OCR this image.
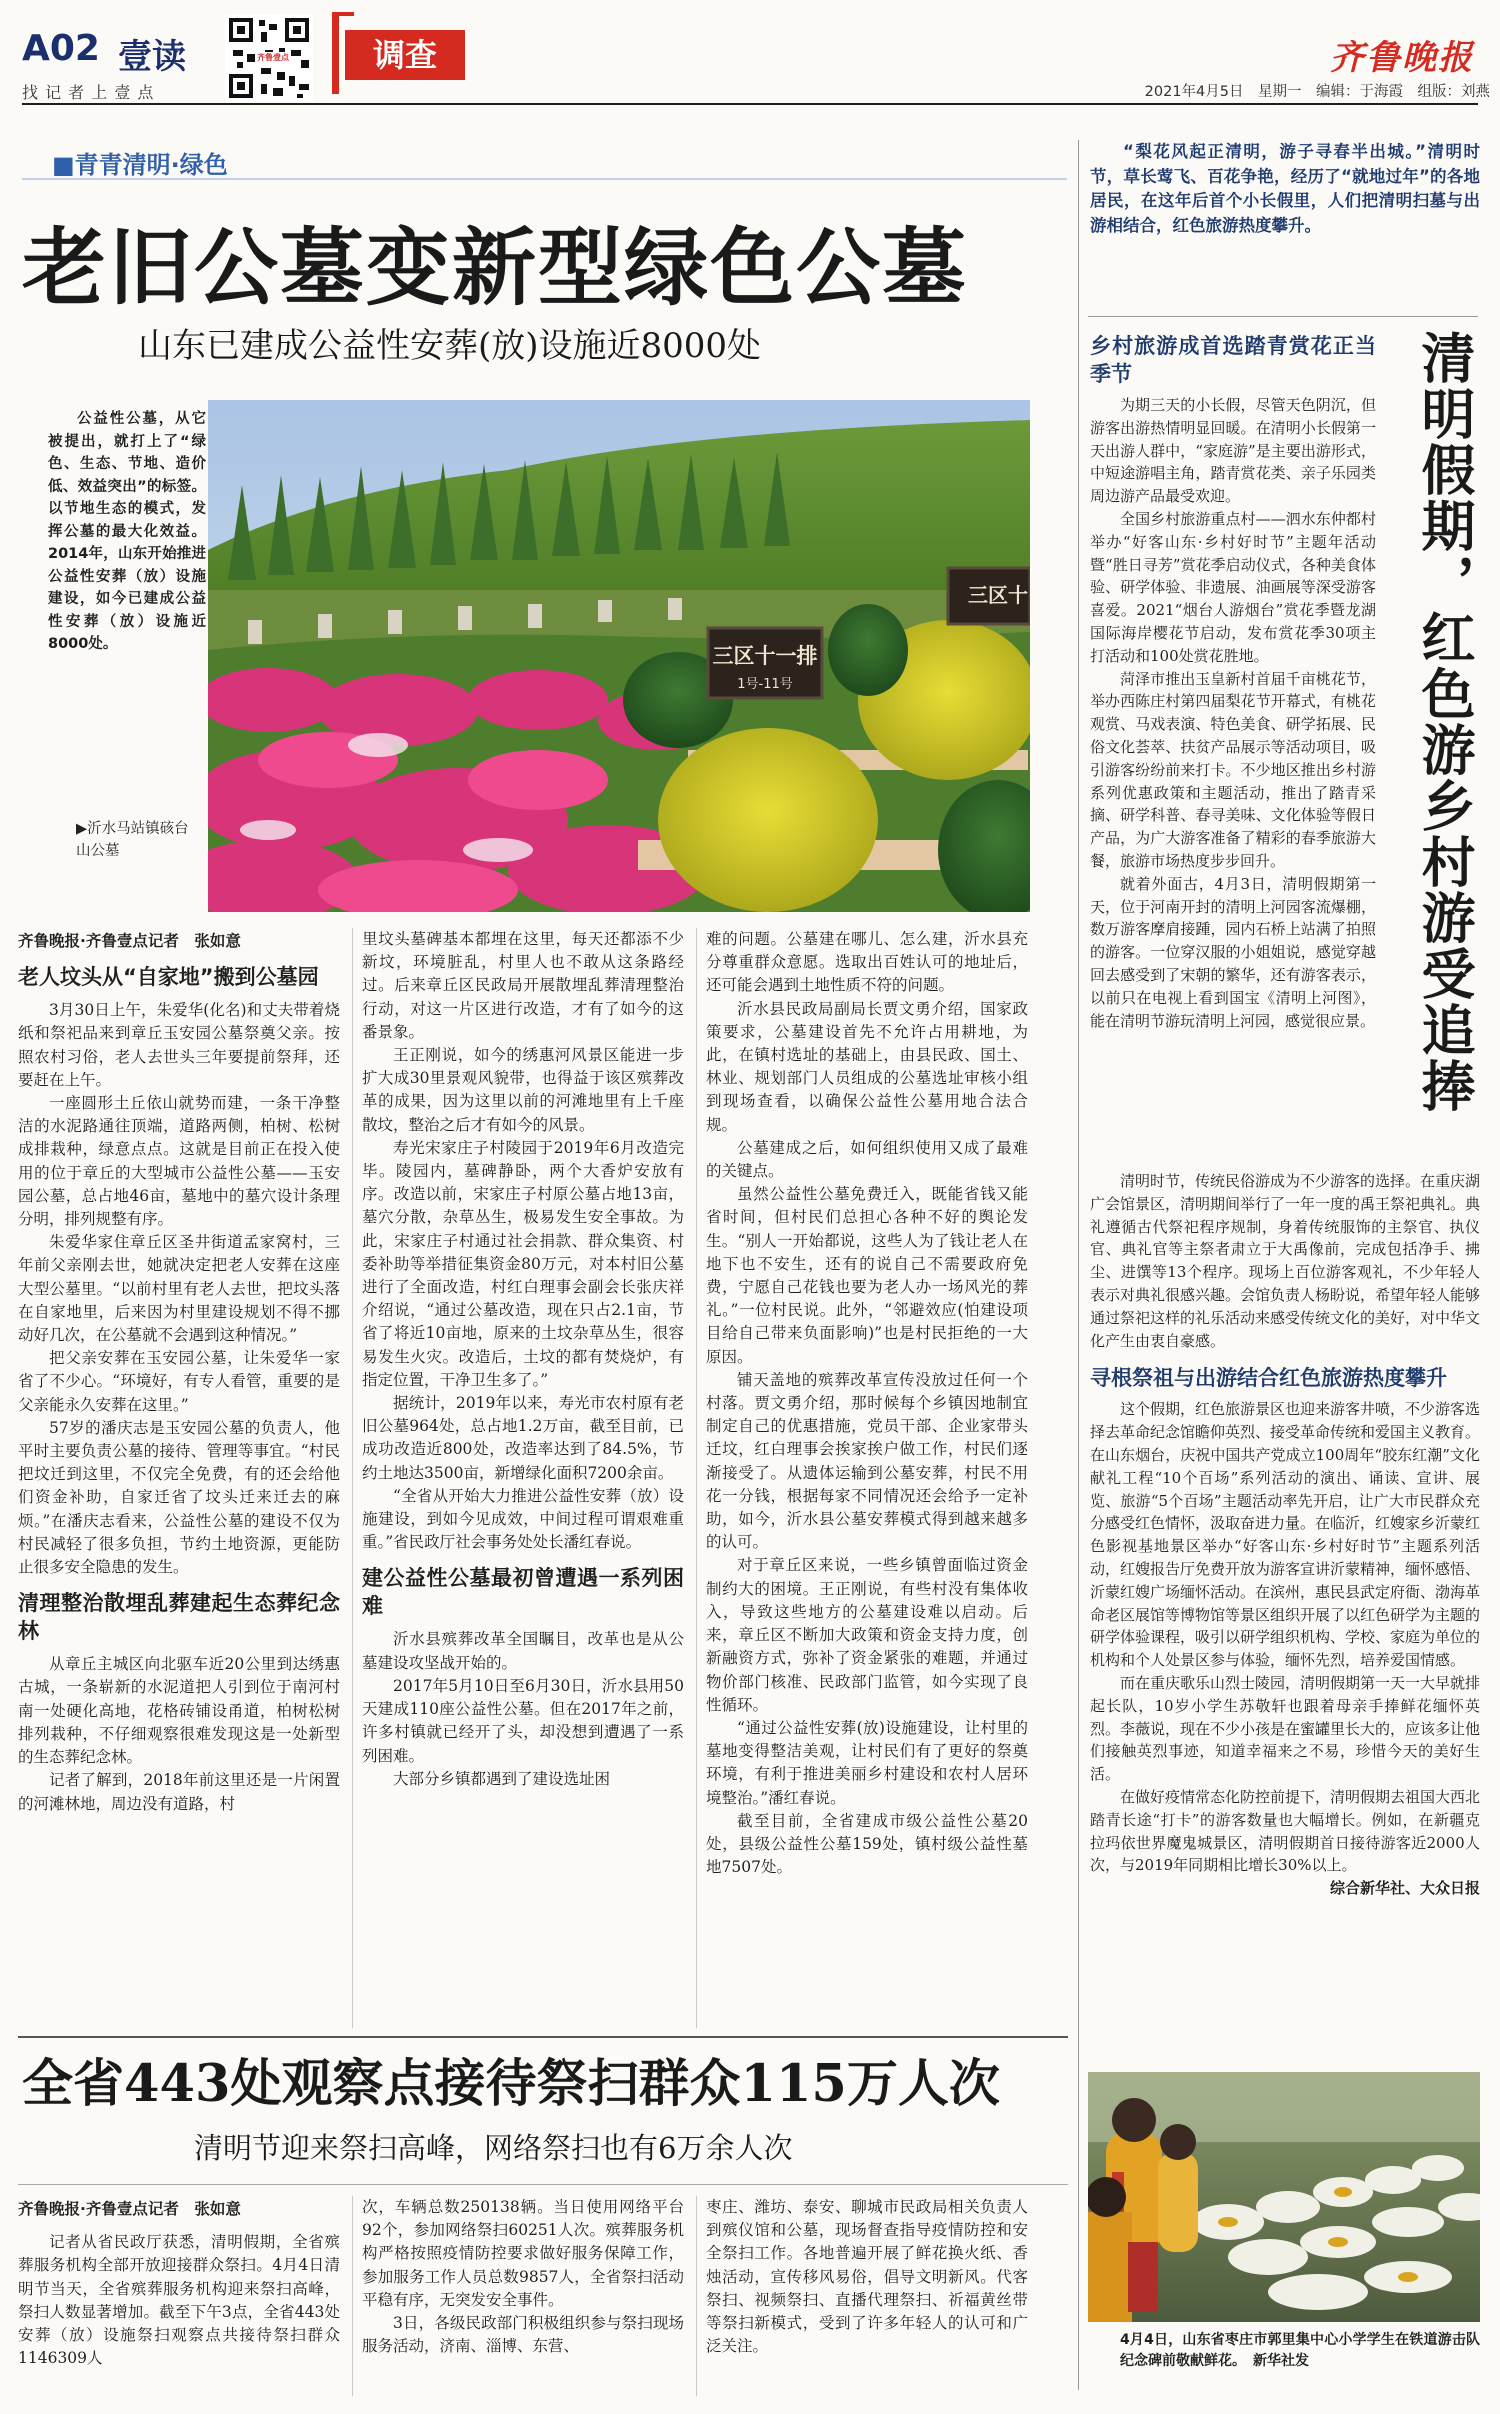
A02 壹读
找 记 者 上 壹 点
齐鲁壹点	调查	齐鲁晚报
2021年4月5日　星期一　编辑：于海霞　组版：刘燕
■青青清明·绿色
老旧公墓变新型绿色公墓
山东已建成公益性安葬(放)设施近8000处
公益性公墓，从它被提出，就打上了“绿色、生态、节地、造价低、效益突出”的标签。以节地生态的模式，发挥公墓的最大化效益。2014年，山东开始推进公益性安葬（放）设施建设，如今已建成公益性安葬（放）设施近8000处。
▶沂水马站镇硋台山公墓
三区十一排
1号-11号
三区十
齐鲁晚报·齐鲁壹点记者　张如意
老人坟头从“自家地”搬到公墓园

3月30日上午，朱爱华(化名)和丈夫带着烧纸和祭祀品来到章丘玉安园公墓祭奠父亲。按照农村习俗，老人去世头三年要提前祭拜，还要赶在上午。

一座圆形土丘依山就势而建，一条干净整洁的水泥路通往顶端，道路两侧，柏树、松树成排栽种，绿意点点。这就是目前正在投入使用的位于章丘的大型城市公益性公墓——玉安园公墓，总占地46亩，墓地中的墓穴设计条理分明，排列规整有序。

朱爱华家住章丘区圣井街道孟家窝村，三年前父亲刚去世，她就决定把老人安葬在这座大型公墓里。“以前村里有老人去世，把坟头落在自家地里，后来因为村里建设规划不得不挪动好几次，在公墓就不会遇到这种情况。”

把父亲安葬在玉安园公墓，让朱爱华一家省了不少心。“环境好，有专人看管，重要的是父亲能永久安葬在这里。”

57岁的潘庆志是玉安园公墓的负责人，他平时主要负责公墓的接待、管理等事宜。“村民把坟迁到这里，不仅完全免费，有的还会给他们资金补助，自家迁省了坟头迁来迁去的麻烦。”在潘庆志看来，公益性公墓的建设不仅为村民减轻了很多负担，节约土地资源，更能防止很多安全隐患的发生。

清理整治散埋乱葬建起生态葬纪念林

从章丘主城区向北驱车近20公里到达绣惠古城，一条崭新的水泥道把人引到位于南河村南一处硬化高地，花格砖铺设甬道，柏树松树排列栽种，不仔细观察很难发现这是一处新型的生态葬纪念林。

记者了解到，2018年前这里还是一片闲置的河滩林地，周边没有道路，村

里坟头墓碑基本都埋在这里，每天还都添不少新坟，环境脏乱，村里人也不敢从这条路经过。后来章丘区民政局开展散埋乱葬清理整治行动，对这一片区进行改造，才有了如今的这番景象。

王正刚说，如今的绣惠河风景区能进一步扩大成30里景观风貌带，也得益于该区殡葬改革的成果，因为这里以前的河滩地里有上千座散坟，整治之后才有如今的风景。

寿光宋家庄子村陵园于2019年6月改造完毕。陵园内，墓碑静卧，两个大香炉安放有序。改造以前，宋家庄子村原公墓占地13亩，墓穴分散，杂草丛生，极易发生安全事故。为此，宋家庄子村通过社会捐款、群众集资、村委补助等举措征集资金80万元，对本村旧公墓进行了全面改造，村红白理事会副会长张庆祥介绍说，“通过公墓改造，现在只占2.1亩，节省了将近10亩地，原来的土坟杂草丛生，很容易发生火灾。改造后，土坟的都有焚烧炉，有指定位置，干净卫生多了。”

据统计，2019年以来，寿光市农村原有老旧公墓964处，总占地1.2万亩，截至目前，已成功改造近800处，改造率达到了84.5%，节约土地达3500亩，新增绿化面积7200余亩。

“全省从开始大力推进公益性安葬（放）设施建设，到如今见成效，中间过程可谓艰难重重。”省民政厅社会事务处处长潘红春说。

建公益性公墓最初曾遭遇一系列困难

沂水县殡葬改革全国瞩目，改革也是从公墓建设攻坚战开始的。

2017年5月10日至6月30日，沂水县用50天建成110座公益性公墓。但在2017年之前，许多村镇就已经开了头，却没想到遭遇了一系列困难。

大部分乡镇都遇到了建设选址困

难的问题。公墓建在哪儿、怎么建，沂水县充分尊重群众意愿。选取出百姓认可的地址后，还可能会遇到土地性质不符的问题。

沂水县民政局副局长贾文勇介绍，国家政策要求，公墓建设首先不允许占用耕地，为此，在镇村选址的基础上，由县民政、国土、林业、规划部门人员组成的公墓选址审核小组到现场查看，以确保公益性公墓用地合法合规。

公墓建成之后，如何组织使用又成了最难的关键点。

虽然公益性公墓免费迁入，既能省钱又能省时间，但村民们总担心各种不好的舆论发生。“别人一开始都说，这些人为了钱让老人在地下也不安生，还有的说自己不需要政府免费，宁愿自己花钱也要为老人办一场风光的葬礼。”一位村民说。此外，“邻避效应(怕建设项目给自己带来负面影响)”也是村民拒绝的一大原因。

铺天盖地的殡葬改革宣传没放过任何一个村落。贾文勇介绍，那时候每个乡镇因地制宜制定自己的优惠措施，党员干部、企业家带头迁坟，红白理事会挨家挨户做工作，村民们逐渐接受了。从遗体运输到公墓安葬，村民不用花一分钱，根据每家不同情况还会给予一定补助，如今，沂水县公墓安葬模式得到越来越多的认可。

对于章丘区来说，一些乡镇曾面临过资金制约大的困境。王正刚说，有些村没有集体收入，导致这些地方的公墓建设难以启动。后来，章丘区不断加大政策和资金支持力度，创新融资方式，弥补了资金紧张的难题，并通过物价部门核准、民政部门监管，如今实现了良性循环。

“通过公益性安葬(放)设施建设，让村里的墓地变得整洁美观，让村民们有了更好的祭奠环境，有利于推进美丽乡村建设和农村人居环境整治。”潘红春说。

截至目前，全省建成市级公益性公墓20处，县级公益性公墓159处，镇村级公益性墓地7507处。

“梨花风起正清明，游子寻春半出城。”清明时节，草长莺飞、百花争艳，经历了“就地过年”的各地居民，在这年后首个小长假里，人们把清明扫墓与出游相结合，红色旅游热度攀升。
清明假期，红色游乡村游受追捧
乡村旅游成首选踏青赏花正当季节

为期三天的小长假，尽管天色阴沉，但游客出游热情明显回暖。在清明小长假第一天出游人群中，“家庭游”是主要出游形式，中短途游唱主角，踏青赏花类、亲子乐园类周边游产品最受欢迎。

全国乡村旅游重点村——泗水东仲都村举办“好客山东·乡村好时节”主题年活动暨“胜日寻芳”赏花季启动仪式，各种美食体验、研学体验、非遗展、油画展等深受游客喜爱。2021“烟台人游烟台”赏花季暨龙湖国际海岸樱花节启动，发布赏花季30项主打活动和100处赏花胜地。

菏泽市推出玉皇新村首届千亩桃花节，举办西陈庄村第四届梨花节开幕式，有桃花观赏、马戏表演、特色美食、研学拓展、民俗文化荟萃、扶贫产品展示等活动项目，吸引游客纷纷前来打卡。不少地区推出乡村游系列优惠政策和主题活动，推出了踏青采摘、研学科普、春寻美味、文化体验等假日产品，为广大游客准备了精彩的春季旅游大餐，旅游市场热度步步回升。

就着外面古，4月3日，清明假期第一天，位于河南开封的清明上河园客流爆棚，数万游客摩肩接踵，园内石桥上站满了拍照的游客。一位穿汉服的小姐姐说，感觉穿越回去感受到了宋朝的繁华，还有游客表示，以前只在电视上看到国宝《清明上河图》，能在清明节游玩清明上河园，感觉很应景。

清明时节，传统民俗游成为不少游客的选择。在重庆湖广会馆景区，清明期间举行了一年一度的禹王祭祀典礼。典礼遵循古代祭祀程序规制，身着传统服饰的主祭官、执仪官、典礼官等主祭者肃立于大禹像前，完成包括净手、拂尘、进馔等13个程序。现场上百位游客观礼，不少年轻人表示对典礼很感兴趣。会馆负责人杨盼说，希望年轻人能够通过祭祀这样的礼乐活动来感受传统文化的美好，对中华文化产生由衷自豪感。

寻根祭祖与出游结合红色旅游热度攀升

这个假期，红色旅游景区也迎来游客井喷，不少游客选择去革命纪念馆瞻仰英烈、接受革命传统和爱国主义教育。在山东烟台，庆祝中国共产党成立100周年“胶东红潮”文化献礼工程“10个百场”系列活动的演出、诵读、宣讲、展览、旅游“5个百场”主题活动率先开启，让广大市民群众充分感受红色情怀，汲取奋进力量。在临沂，红嫂家乡沂蒙红色影视基地景区举办“好客山东·乡村好时节”主题系列活动，红嫂报告厅免费开放为游客宣讲沂蒙精神，缅怀感悟、沂蒙红嫂广场缅怀活动。在滨州，惠民县武定府衙、渤海革命老区展馆等博物馆等景区组织开展了以红色研学为主题的研学体验课程，吸引以研学组织机构、学校、家庭为单位的机构和个人处景区参与体验，缅怀先烈，培养爱国情感。

而在重庆歌乐山烈士陵园，清明假期第一天一大早就排起长队，10岁小学生苏敬轩也跟着母亲手捧鲜花缅怀英烈。李薇说，现在不少小孩是在蜜罐里长大的，应该多让他们接触英烈事迹，知道幸福来之不易，珍惜今天的美好生活。

在做好疫情常态化防控前提下，清明假期去祖国大西北踏青长途“打卡”的游客数量也大幅增长。例如，在新疆克拉玛依世界魔鬼城景区，清明假期首日接待游客近2000人次，与2019年同期相比增长30%以上。

综合新华社、大众日报
4月4日，山东省枣庄市郭里集中心小学学生在铁道游击队纪念碑前敬献鲜花。　新华社发
全省443处观察点接待祭扫群众115万人次
清明节迎来祭扫高峰，网络祭扫也有6万余人次
齐鲁晚报·齐鲁壹点记者　张如意

记者从省民政厅获悉，清明假期，全省殡葬服务机构全部开放迎接群众祭扫。4月4日清明节当天，全省殡葬服务机构迎来祭扫高峰，祭扫人数显著增加。截至下午3点，全省443处安葬（放）设施祭扫观察点共接待祭扫群众1146309人

次，车辆总数250138辆。当日使用网络平台92个，参加网络祭扫60251人次。殡葬服务机构严格按照疫情防控要求做好服务保障工作，参加服务工作人员总数9857人，全省祭扫活动平稳有序，无突发安全事件。

3日，各级民政部门积极组织参与祭扫现场服务活动，济南、淄博、东营、

枣庄、潍坊、泰安、聊城市民政局相关负责人到殡仪馆和公墓，现场督查指导疫情防控和安全祭扫工作。各地普遍开展了鲜花换火纸、香烛活动，宣传移风易俗，倡导文明新风。代客祭扫、视频祭扫、直播代理祭扫、祈福黄丝带等祭扫新模式，受到了许多年轻人的认可和广泛关注。
